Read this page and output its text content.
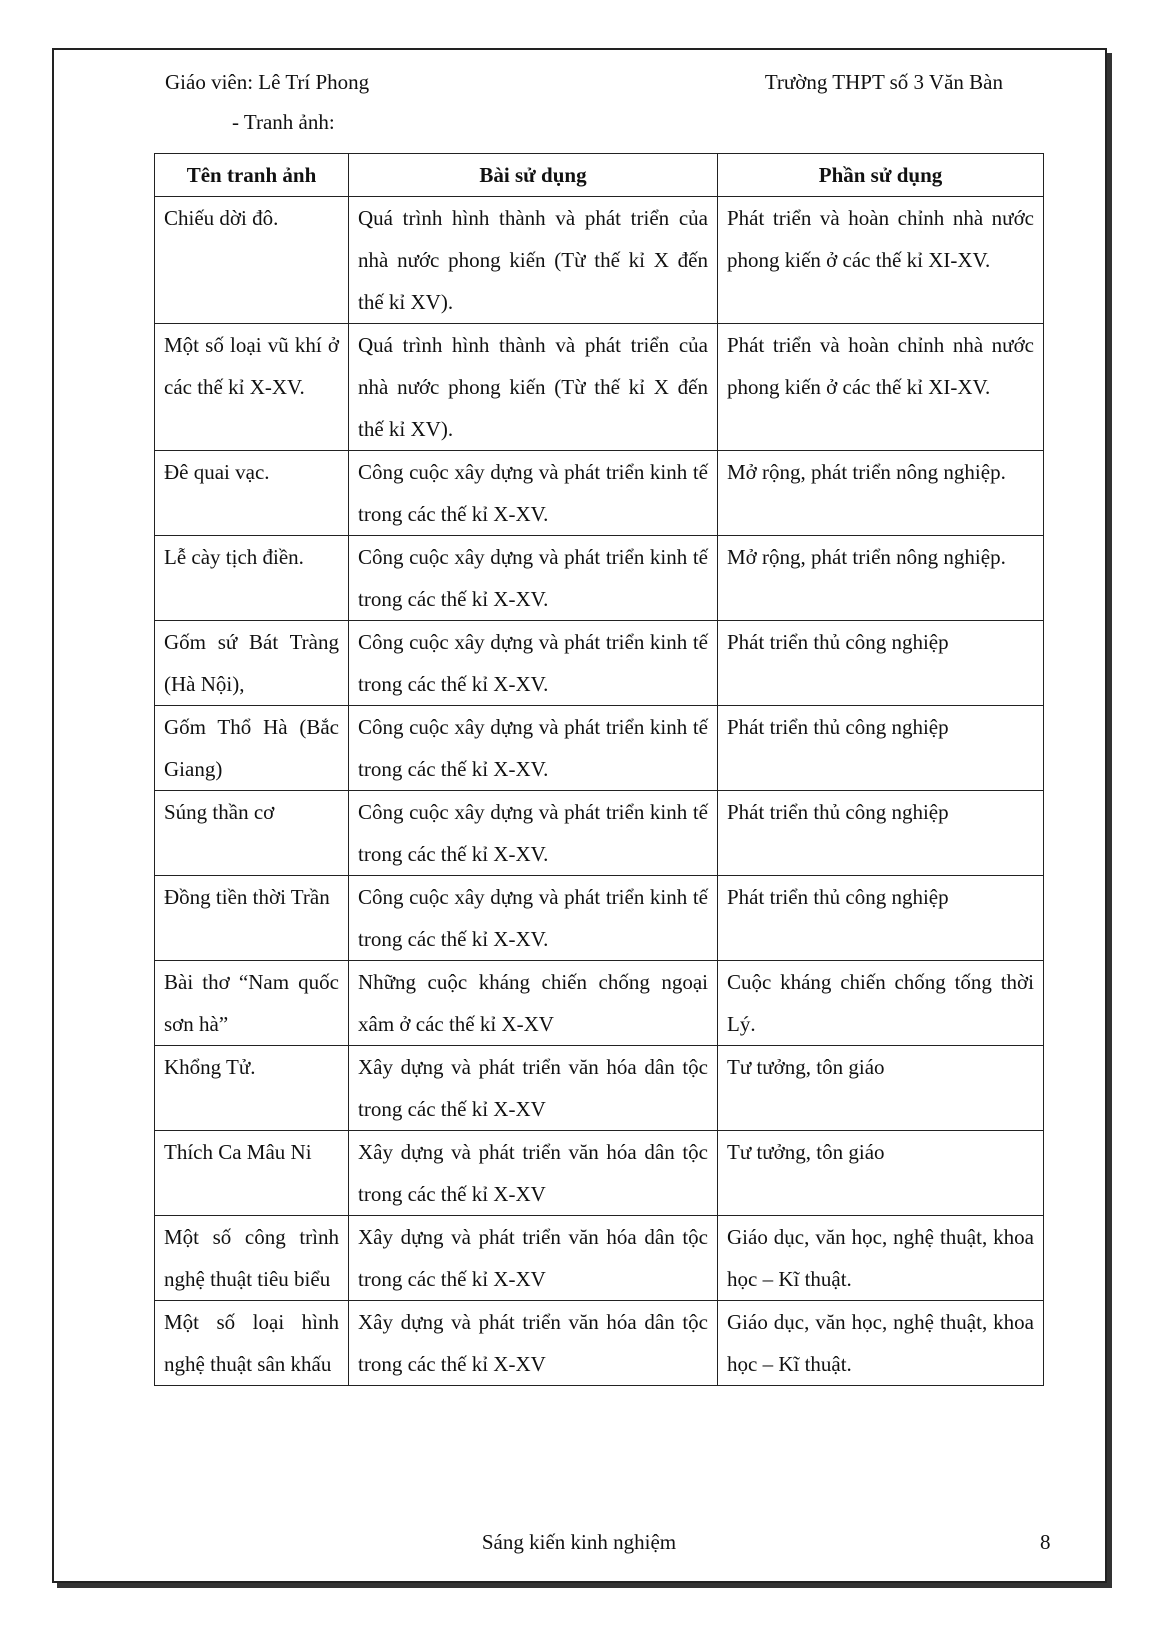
Giáo viên: Lê Trí Phong	Trường THPT số 3 Văn Bàn
- Tranh ảnh:
Tên tranh ảnh	Bài sử dụng	Phần sử dụng
Chiếu dời đô.	Quá trình hình thành và phát triển của nhà nước phong kiến (Từ thế kỉ X đến thế kỉ XV).	Phát triển và hoàn chỉnh nhà nước phong kiến ở các thế kỉ XI-XV.
Một số loại vũ khí ở các thế kỉ X-XV.	Quá trình hình thành và phát triển của nhà nước phong kiến (Từ thế kỉ X đến thế kỉ XV).	Phát triển và hoàn chỉnh nhà nước phong kiến ở các thế kỉ XI-XV.
Đê quai vạc.	Công cuộc xây dựng và phát triển kinh tế trong các thế kỉ X-XV.	Mở rộng, phát triển nông nghiệp.
Lễ cày tịch điền.	Công cuộc xây dựng và phát triển kinh tế trong các thế kỉ X-XV.	Mở rộng, phát triển nông nghiệp.
Gốm sứ Bát Tràng (Hà Nội),	Công cuộc xây dựng và phát triển kinh tế trong các thế kỉ X-XV.	Phát triển thủ công nghiệp
Gốm Thổ Hà (Bắc Giang)	Công cuộc xây dựng và phát triển kinh tế trong các thế kỉ X-XV.	Phát triển thủ công nghiệp
Súng thần cơ	Công cuộc xây dựng và phát triển kinh tế trong các thế kỉ X-XV.	Phát triển thủ công nghiệp
Đồng tiền thời Trần	Công cuộc xây dựng và phát triển kinh tế trong các thế kỉ X-XV.	Phát triển thủ công nghiệp
Bài thơ “Nam quốc sơn hà”	Những cuộc kháng chiến chống ngoại xâm ở các thế kỉ X-XV	Cuộc kháng chiến chống tống thời Lý.
Khổng Tử.	Xây dựng và phát triển văn hóa dân tộc trong các thế kỉ X-XV	Tư tưởng, tôn giáo
Thích Ca Mâu Ni	Xây dựng và phát triển văn hóa dân tộc trong các thế kỉ X-XV	Tư tưởng, tôn giáo
Một số công trình nghệ thuật tiêu biểu	Xây dựng và phát triển văn hóa dân tộc trong các thế kỉ X-XV	Giáo dục, văn học, nghệ thuật, khoa học – Kĩ thuật.
Một số loại hình nghệ thuật sân khấu	Xây dựng và phát triển văn hóa dân tộc trong các thế kỉ X-XV	Giáo dục, văn học, nghệ thuật, khoa học – Kĩ thuật.
Sáng kiến kinh nghiệm	8
